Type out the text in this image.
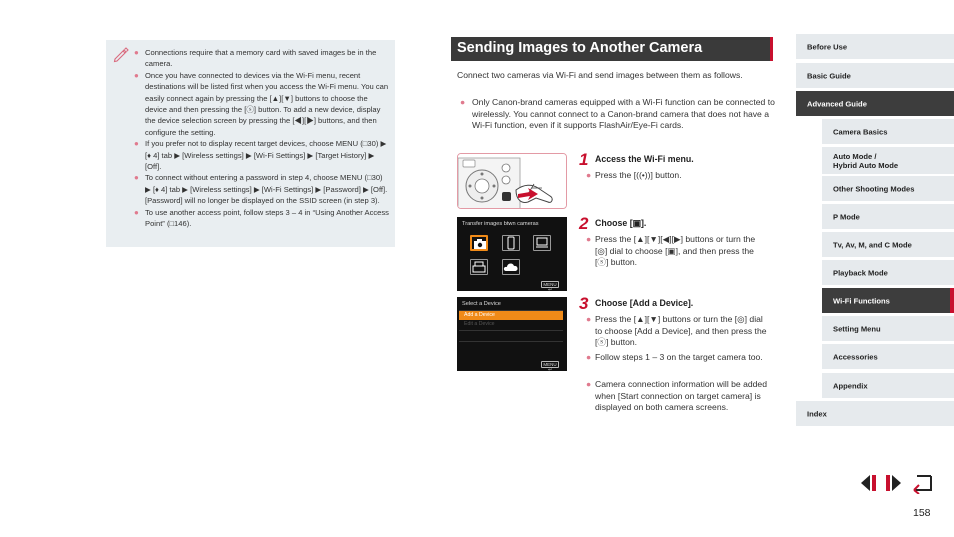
● Connections require that a memory card with saved images be in the camera.
● Once you have connected to devices via the Wi-Fi menu, recent destinations will be listed first when you access the Wi-Fi menu. You can easily connect again by pressing the [▲][▼] buttons to choose the device and then pressing the [ⓢ] button. To add a new device, display the device selection screen by pressing the [◀][▶] buttons, and then configure the setting.
● If you prefer not to display recent target devices, choose MENU (□30) ▶ [♦ 4] tab ▶ [Wireless settings] ▶ [Wi-Fi Settings] ▶ [Target History] ▶ [Off].
● To connect without entering a password in step 4, choose MENU (□30) ▶ [♦ 4] tab ▶ [Wireless settings] ▶ [Wi-Fi Settings] ▶ [Password] ▶ [Off]. [Password] will no longer be displayed on the SSID screen (in step 3).
● To use another access point, follow steps 3 – 4 in “Using Another Access Point” (□146).
Sending Images to Another Camera
Connect two cameras via Wi-Fi and send images between them as follows.
● Only Canon-brand cameras equipped with a Wi-Fi function can be connected to wirelessly. You cannot connect to a Canon-brand camera that does not have a Wi-Fi function, even if it supports FlashAir/Eye-Fi cards.
Transfer images btwn cameras
MENU ↩
Select a Device
Add a Device
Edit a Device
MENU ↩
1 Access the Wi-Fi menu.
● Press the [((•))] button.
2 Choose [▣].
● Press the [▲][▼][◀][▶] buttons or turn the [◎] dial to choose [▣], and then press the [ⓢ] button.
3 Choose [Add a Device].
● Press the [▲][▼] buttons or turn the [◎] dial to choose [Add a Device], and then press the [ⓢ] button.
● Follow steps 1 – 3 on the target camera too.
● Camera connection information will be added when [Start connection on target camera] is displayed on both camera screens.
Before Use
Basic Guide
Advanced Guide
Camera Basics
Auto Mode /
Hybrid Auto Mode
Other Shooting Modes
P Mode
Tv, Av, M, and C Mode
Playback Mode
Wi-Fi Functions
Setting Menu
Accessories
Appendix
Index
158
